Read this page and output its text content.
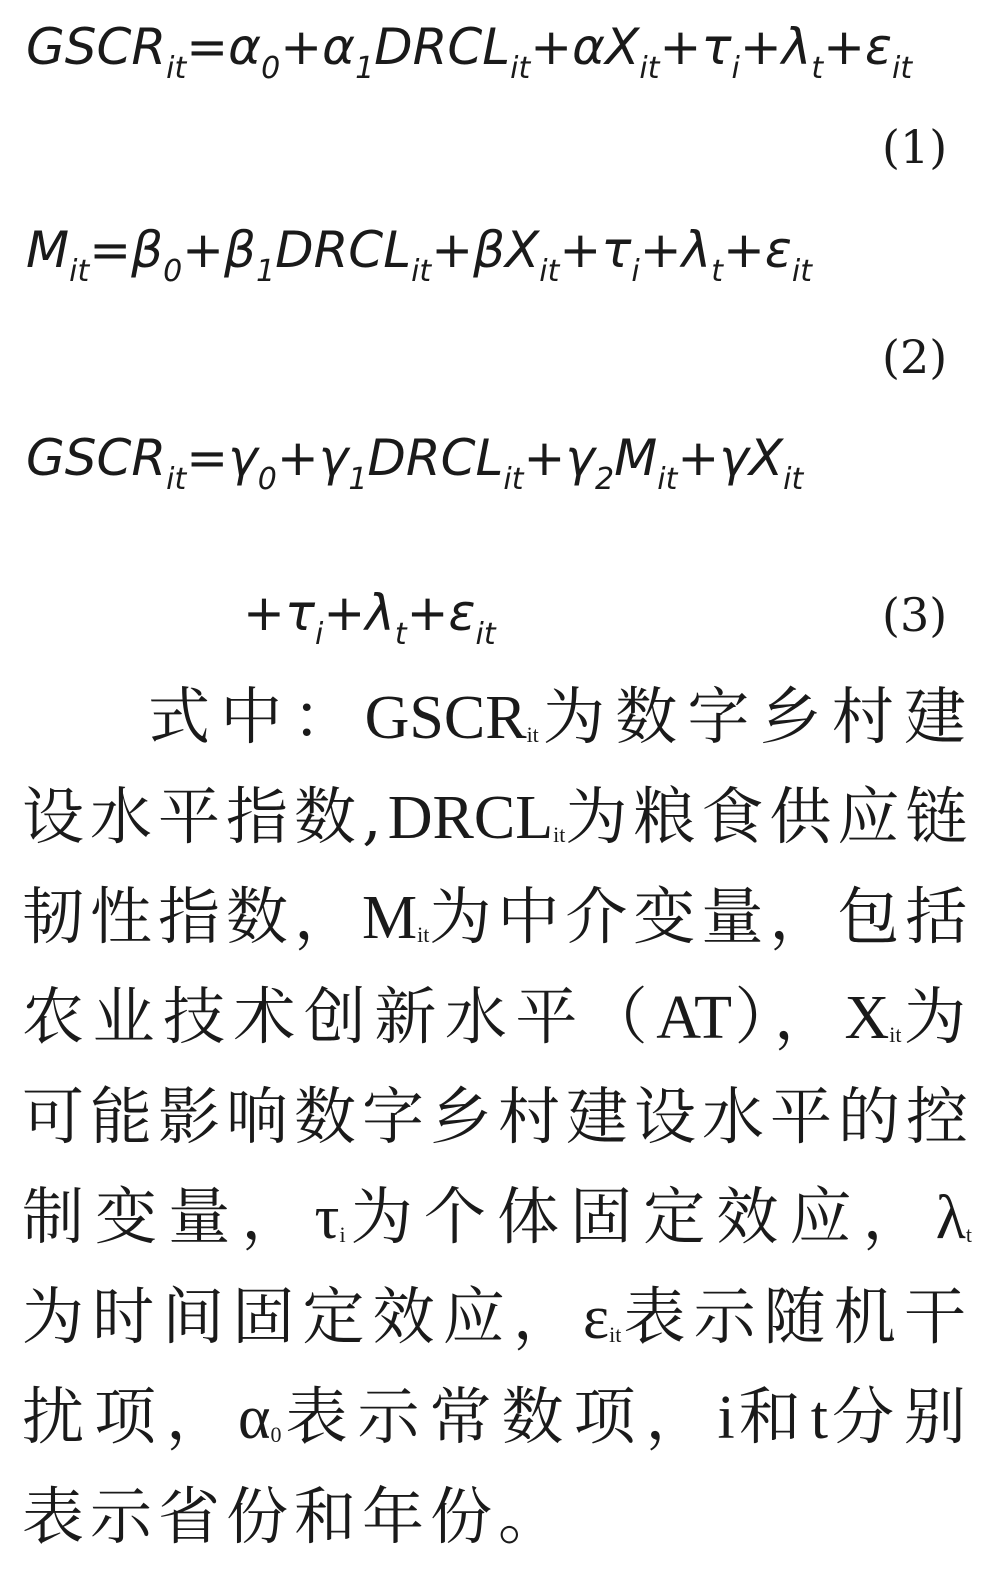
$GSCR_{it}=\alpha_0+\alpha_1DRCL_{it}+\alpha X_{it}+\tau_i+\lambda_t+\varepsilon_{it}$
(1)
$M_{it}=\beta_0+\beta_1DRCL_{it}+\beta X_{it}+\tau_i+\lambda_t+\varepsilon_{it}$
(2)
$GSCR_{it}=\gamma_0+\gamma_1DRCL_{it}+\gamma_2M_{it}+\gamma X_{it}$
$+\tau_i+\lambda_t+\varepsilon_{it}$	(3)
式中：$GSCR_{it}$为数字乡村建
设水平指数$,DRCL_{it}$为粮食供应链
韧性指数，$M_{it}$为中介变量，包括
农业技术创新水平（AT），$X_{it}$为
可能影响数字乡村建设水平的控
制变量，$\tau_i$为个体固定效应，$\lambda_t$
为时间固定效应，$\varepsilon_{it}$表示随机干
扰项，$\alpha_0$表示常数项，i和t分别
表示省份和年份。
